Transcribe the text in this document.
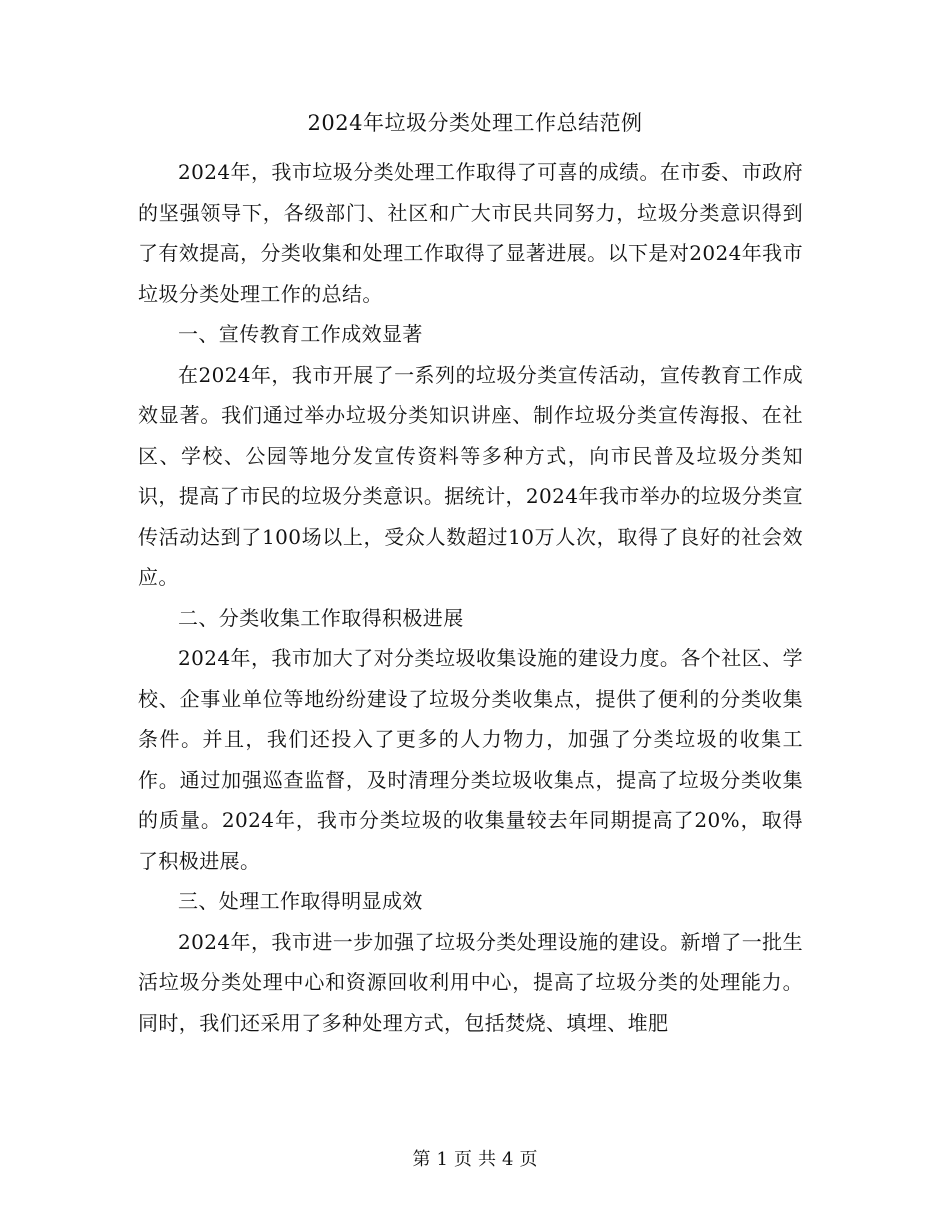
2024年垃圾分类处理工作总结范例

2024年，我市垃圾分类处理工作取得了可喜的成绩。在市委、市政府的坚强领导下，各级部门、社区和广大市民共同努力，垃圾分类意识得到了有效提高，分类收集和处理工作取得了显著进展。以下是对2024年我市垃圾分类处理工作的总结。

一、宣传教育工作成效显著

在2024年，我市开展了一系列的垃圾分类宣传活动，宣传教育工作成效显著。我们通过举办垃圾分类知识讲座、制作垃圾分类宣传海报、在社区、学校、公园等地分发宣传资料等多种方式，向市民普及垃圾分类知识，提高了市民的垃圾分类意识。据统计，2024年我市举办的垃圾分类宣传活动达到了100场以上，受众人数超过10万人次，取得了良好的社会效应。

二、分类收集工作取得积极进展

2024年，我市加大了对分类垃圾收集设施的建设力度。各个社区、学校、企事业单位等地纷纷建设了垃圾分类收集点，提供了便利的分类收集条件。并且，我们还投入了更多的人力物力，加强了分类垃圾的收集工作。通过加强巡查监督，及时清理分类垃圾收集点，提高了垃圾分类收集的质量。2024年，我市分类垃圾的收集量较去年同期提高了20%，取得了积极进展。

三、处理工作取得明显成效

2024年，我市进一步加强了垃圾分类处理设施的建设。新增了一批生活垃圾分类处理中心和资源回收利用中心，提高了垃圾分类的处理能力。同时，我们还采用了多种处理方式，包括焚烧、填埋、堆肥

第 1 页 共 4 页
